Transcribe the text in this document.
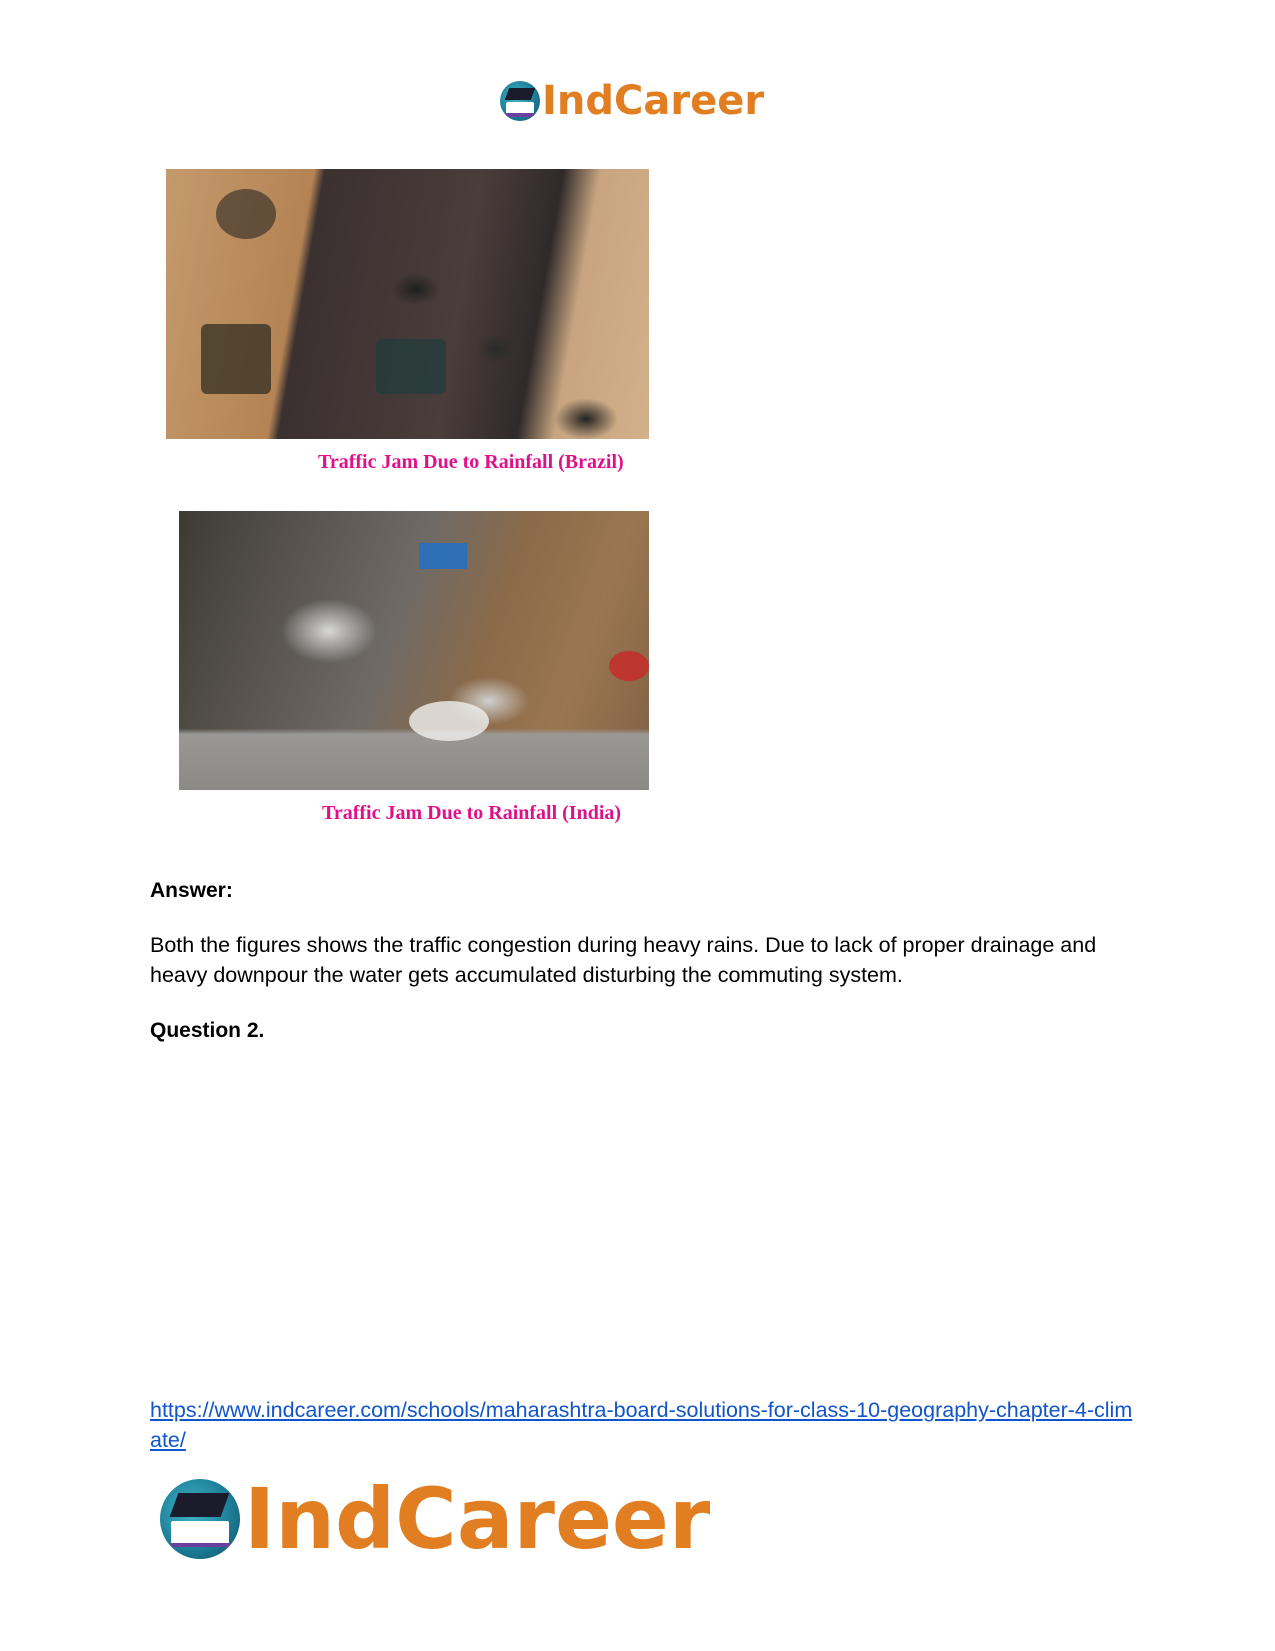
IndCareer
Traffic Jam Due to Rainfall (Brazil)
Traffic Jam Due to Rainfall (India)
Answer:
Both the figures shows the traffic congestion during heavy rains. Due to lack of proper drainage and heavy downpour the water gets accumulated disturbing the commuting system.
Question 2.
https://www.indcareer.com/schools/maharashtra-board-solutions-for-class-10-geography-chapter-4-climate/
IndCareer
